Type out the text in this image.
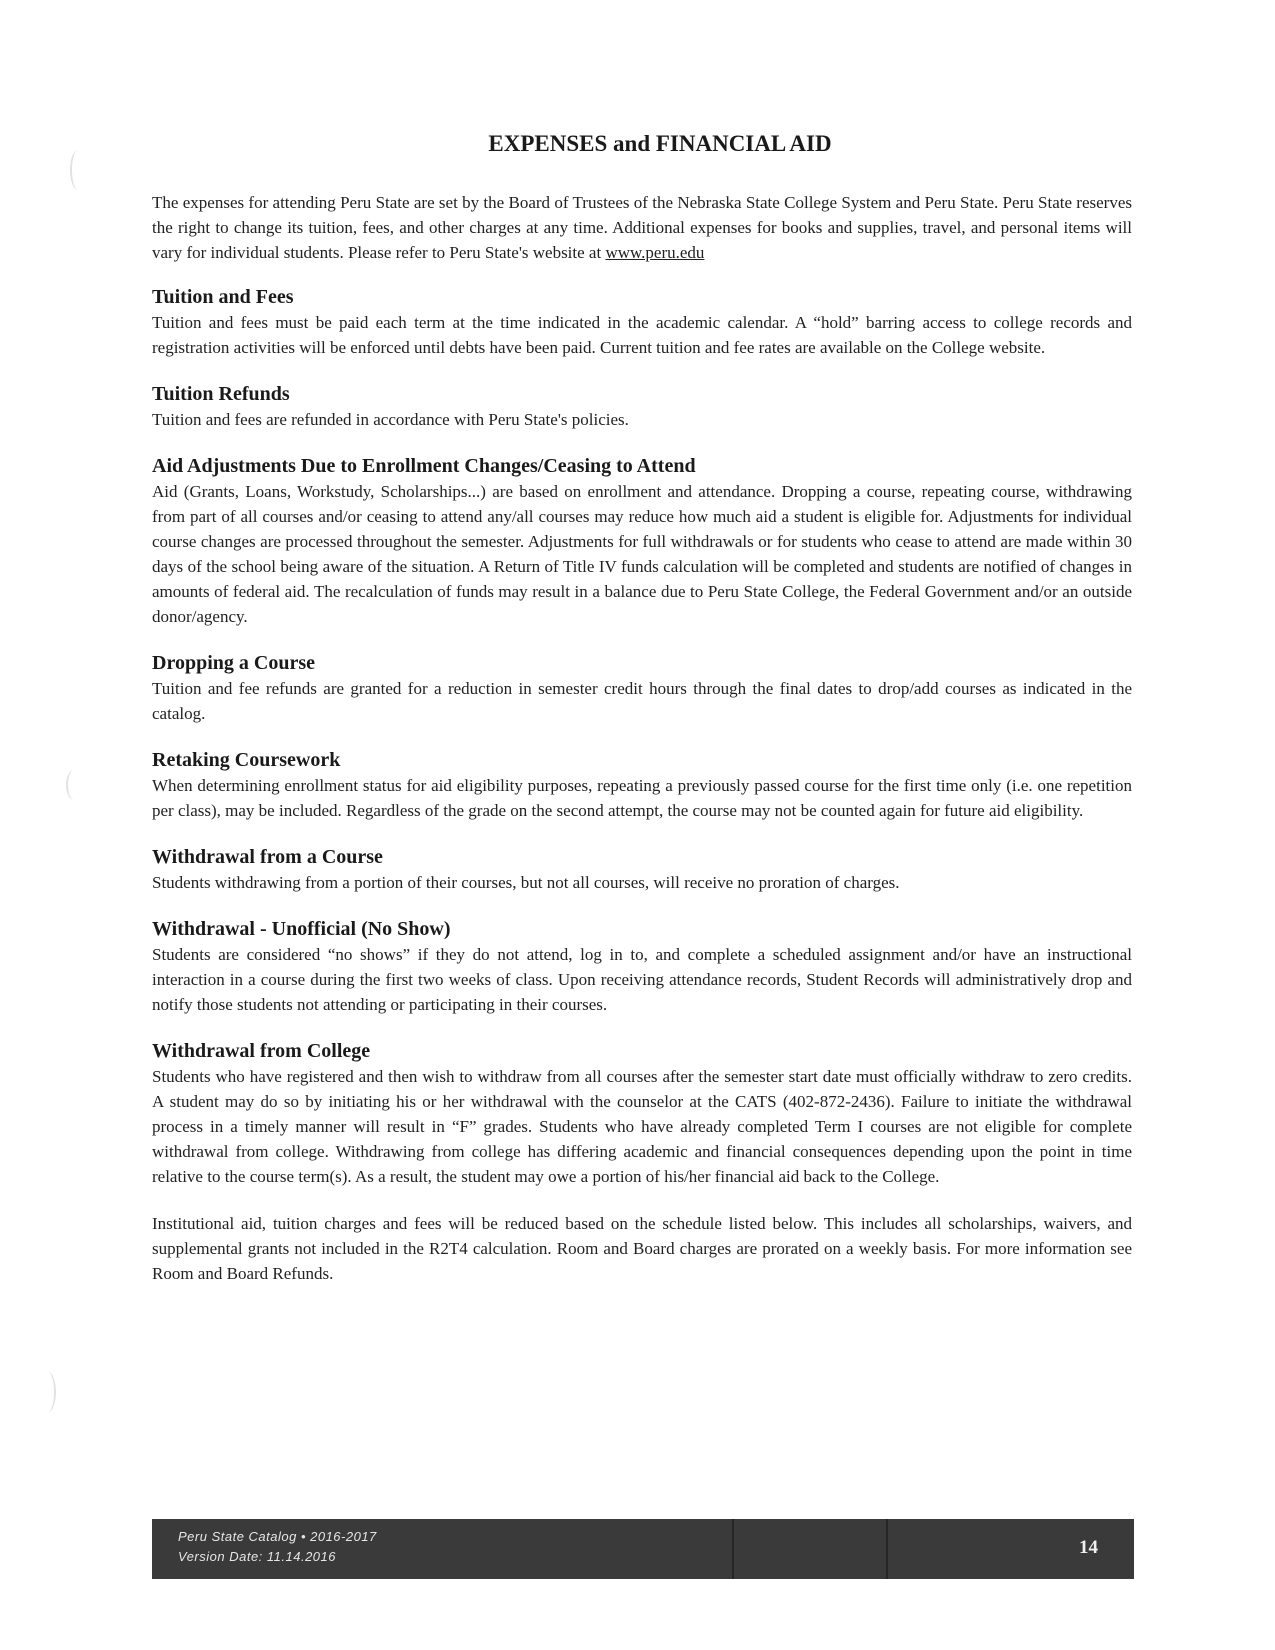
EXPENSES and FINANCIAL AID

The expenses for attending Peru State are set by the Board of Trustees of the Nebraska State College System and Peru State. Peru State reserves the right to change its tuition, fees, and other charges at any time. Additional expenses for books and supplies, travel, and personal items will vary for individual students. Please refer to Peru State's website at www.peru.edu

Tuition and Fees

Tuition and fees must be paid each term at the time indicated in the academic calendar. A “hold” barring access to college records and registration activities will be enforced until debts have been paid. Current tuition and fee rates are available on the College website.

Tuition Refunds

Tuition and fees are refunded in accordance with Peru State's policies.

Aid Adjustments Due to Enrollment Changes/Ceasing to Attend

Aid (Grants, Loans, Workstudy, Scholarships...) are based on enrollment and attendance. Dropping a course, repeating course, withdrawing from part of all courses and/or ceasing to attend any/all courses may reduce how much aid a student is eligible for. Adjustments for individual course changes are processed throughout the semester. Adjustments for full withdrawals or for students who cease to attend are made within 30 days of the school being aware of the situation. A Return of Title IV funds calculation will be completed and students are notified of changes in amounts of federal aid. The recalculation of funds may result in a balance due to Peru State College, the Federal Government and/or an outside donor/agency.

Dropping a Course

Tuition and fee refunds are granted for a reduction in semester credit hours through the final dates to drop/add courses as indicated in the catalog.

Retaking Coursework

When determining enrollment status for aid eligibility purposes, repeating a previously passed course for the first time only (i.e. one repetition per class), may be included. Regardless of the grade on the second attempt, the course may not be counted again for future aid eligibility.

Withdrawal from a Course

Students withdrawing from a portion of their courses, but not all courses, will receive no proration of charges.

Withdrawal - Unofficial (No Show)

Students are considered “no shows” if they do not attend, log in to, and complete a scheduled assignment and/or have an instructional interaction in a course during the first two weeks of class. Upon receiving attendance records, Student Records will administratively drop and notify those students not attending or participating in their courses.

Withdrawal from College

Students who have registered and then wish to withdraw from all courses after the semester start date must officially withdraw to zero credits. A student may do so by initiating his or her withdrawal with the counselor at the CATS (402-872-2436). Failure to initiate the withdrawal process in a timely manner will result in “F” grades. Students who have already completed Term I courses are not eligible for complete withdrawal from college. Withdrawing from college has differing academic and financial consequences depending upon the point in time relative to the course term(s). As a result, the student may owe a portion of his/her financial aid back to the College.

Institutional aid, tuition charges and fees will be reduced based on the schedule listed below. This includes all scholarships, waivers, and supplemental grants not included in the R2T4 calculation. Room and Board charges are prorated on a weekly basis. For more information see Room and Board Refunds.

Peru State Catalog • 2016-2017
Version Date: 11.14.2016	14
